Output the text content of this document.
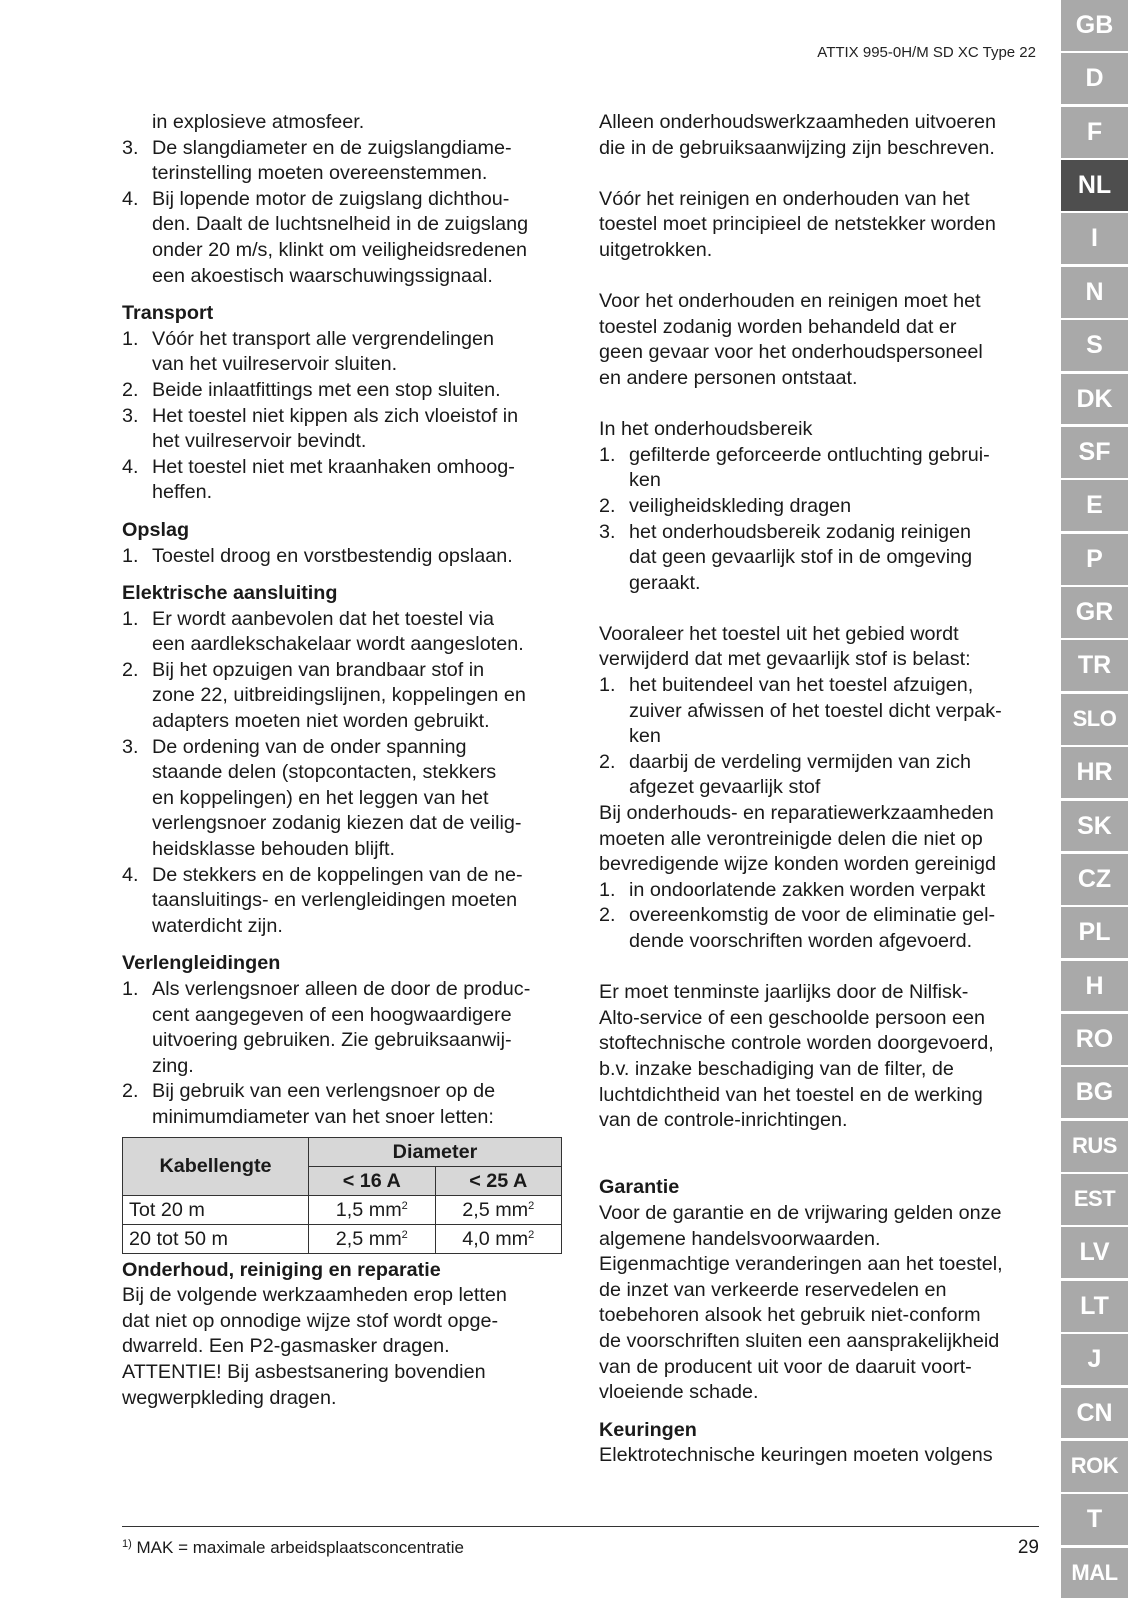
ATTIX 995-0H/M SD XC Type 22
in explosieve atmosfeer.
3. De slangdiameter en de zuigslangdiame-
terinstelling moeten overeenstemmen.
4. Bij lopende motor de zuigslang dichthou-
den. Daalt de luchtsnelheid in de zuigslang
onder 20 m/s, klinkt om veiligheidsredenen
een akoestisch waarschuwingssignaal.
Transport
1. Vóór het transport alle vergrendelingen
van het vuilreservoir sluiten.
2. Beide inlaatfittings met een stop sluiten.
3. Het toestel niet kippen als zich vloeistof in
het vuilreservoir bevindt.
4. Het toestel niet met kraanhaken omhoog-
heffen.
Opslag
1. Toestel droog en vorstbestendig opslaan.
Elektrische aansluiting
1. Er wordt aanbevolen dat het toestel via
een aardlekschakelaar wordt aangesloten.
2. Bij het opzuigen van brandbaar stof in
zone 22, uitbreidingslijnen, koppelingen en
adapters moeten niet worden gebruikt.
3. De ordening van de onder spanning
staande delen (stopcontacten, stekkers
en koppelingen) en het leggen van het
verlengsnoer zodanig kiezen dat de veilig-
heidsklasse behouden blijft.
4. De stekkers en de koppelingen van de ne-
taansluitings- en verlengleidingen moeten
waterdicht zijn.
Verlengleidingen
1. Als verlengsnoer alleen de door de produc-
cent aangegeven of een hoogwaardigere
uitvoering gebruiken. Zie gebruiksaanwij-
zing.
2. Bij gebruik van een verlengsnoer op de
minimumdiameter van het snoer letten:
Kabellengte	Diameter	
	< 16 A	< 25 A
Tot 20 m	1,5 $mm^2$	2,5 $mm^2$
20 tot 50 m	2,5 $mm^2$	4,0 $mm^2$
Onderhoud, reiniging en reparatie

Bij de volgende werkzaamheden erop letten
dat niet op onnodige wijze stof wordt opge-
dwarreld. Een P2-gasmasker dragen.
ATTENTIE! Bij asbestsanering bovendien
wegwerpkleding dragen.

Alleen onderhoudswerkzaamheden uitvoeren
die in de gebruiksaanwijzing zijn beschreven.

Vóór het reinigen en onderhouden van het
toestel moet principieel de netstekker worden
uitgetrokken.

Voor het onderhouden en reinigen moet het
toestel zodanig worden behandeld dat er
geen gevaar voor het onderhoudspersoneel
en andere personen ontstaat.

In het onderhoudsbereik

1. gefilterde geforceerde ontluchting gebrui-
ken
2. veiligheidskleding dragen
3. het onderhoudsbereik zodanig reinigen
dat geen gevaarlijk stof in de omgeving
geraakt.

Vooraleer het toestel uit het gebied wordt
verwijderd dat met gevaarlijk stof is belast:

1. het buitendeel van het toestel afzuigen,
zuiver afwissen of het toestel dicht verpak-
ken
2. daarbij de verdeling vermijden van zich
afgezet gevaarlijk stof

Bij onderhouds- en reparatiewerkzaamheden
moeten alle verontreinigde delen die niet op
bevredigende wijze konden worden gereinigd

1. in ondoorlatende zakken worden verpakt
2. overeenkomstig de voor de eliminatie gel-
dende voorschriften worden afgevoerd.

Er moet tenminste jaarlijks door de Nilfisk-
Alto-service of een geschoolde persoon een
stoftechnische controle worden doorgevoerd,
b.v. inzake beschadiging van de filter, de
luchtdichtheid van het toestel en de werking
van de controle-inrichtingen.

Garantie

Voor de garantie en de vrijwaring gelden onze
algemene handelsvoorwaarden.
Eigenmachtige veranderingen aan het toestel,
de inzet van verkeerde reservedelen en
toebehoren alsook het gebruik niet-conform
de voorschriften sluiten een aansprakelijkheid
van de producent uit voor de daaruit voort-
vloeiende schade.

Keuringen

Elektrotechnische keuringen moeten volgens

$^{1)}$ MAK = maximale arbeidsplaatsconcentratie	29
GB
D
F
NL
I
N
S
DK
SF
E
P
GR
TR
SLO
HR
SK
CZ
PL
H
RO
BG
RUS
EST
LV
LT
J
CN
ROK
T
MAL
